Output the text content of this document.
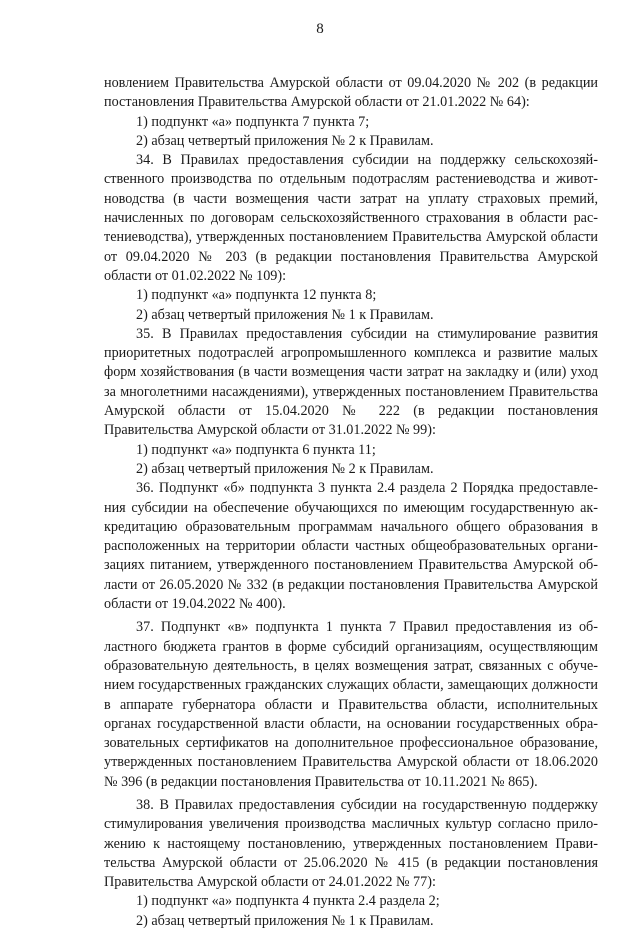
8

новлением Правительства Амурской области от 09.04.2020 № 202 (в редакции постановления Правительства Амурской области от 21.01.2022 № 64):

1) подпункт «а» подпункта 7 пункта 7;

2) абзац четвертый приложения № 2 к Правилам.

34. В Правилах предоставления субсидии на поддержку сельскохозяйственного производства по отдельным подотраслям растениеводства и животноводства (в части возмещения части затрат на уплату страховых премий, начисленных по договорам сельскохозяйственного страхования в области растениеводства), утвержденных постановлением Правительства Амурской области от 09.04.2020 № 203 (в редакции постановления Правительства Амурской области от 01.02.2022 № 109):

1) подпункт «а» подпункта 12 пункта 8;

2) абзац четвертый приложения № 1 к Правилам.

35. В Правилах предоставления субсидии на стимулирование развития приоритетных подотраслей агропромышленного комплекса и развитие малых форм хозяйствования (в части возмещения части затрат на закладку и (или) уход за многолетними насаждениями), утвержденных постановлением Правительства Амурской области от 15.04.2020 № 222 (в редакции постановления Правительства Амурской области от 31.01.2022 № 99):

1) подпункт «а» подпункта 6 пункта 11;

2) абзац четвертый приложения № 2 к Правилам.

36. Подпункт «б» подпункта 3 пункта 2.4 раздела 2 Порядка предоставления субсидии на обеспечение обучающихся по имеющим государственную аккредитацию образовательным программам начального общего образования в расположенных на территории области частных общеобразовательных организациях питанием, утвержденного постановлением Правительства Амурской области от 26.05.2020 № 332 (в редакции постановления Правительства Амурской области от 19.04.2022 № 400).

37. Подпункт «в» подпункта 1 пункта 7 Правил предоставления из областного бюджета грантов в форме субсидий организациям, осуществляющим образовательную деятельность, в целях возмещения затрат, связанных с обучением государственных гражданских служащих области, замещающих должности в аппарате губернатора области и Правительства области, исполнительных органах государственной власти области, на основании государственных образовательных сертификатов на дополнительное профессиональное образование, утвержденных постановлением Правительства Амурской области от 18.06.2020 № 396 (в редакции постановления Правительства от 10.11.2021 № 865).

38. В Правилах предоставления субсидии на государственную поддержку стимулирования увеличения производства масличных культур согласно приложению к настоящему постановлению, утвержденных постановлением Правительства Амурской области от 25.06.2020 № 415 (в редакции постановления Правительства Амурской области от 24.01.2022 № 77):

1) подпункт «а» подпункта 4 пункта 2.4 раздела 2;

2) абзац четвертый приложения № 1 к Правилам.
